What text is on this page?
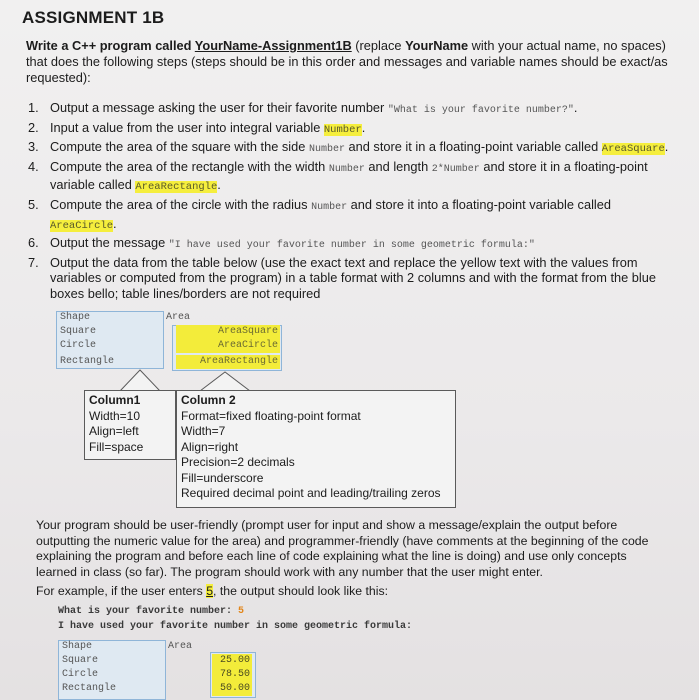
ASSIGNMENT 1B
Write a C++ program called YourName-Assignment1B (replace YourName with your actual name, no spaces) that does the following steps (steps should be in this order and messages and variable names should be exact/as requested):
1. Output a message asking the user for their favorite number "What is your favorite number?".
2. Input a value from the user into integral variable Number.
3. Compute the area of the square with the side Number and store it in a floating-point variable called AreaSquare.
4. Compute the area of the rectangle with the width Number and length 2*Number and store it in a floating-point variable called AreaRectangle.
5. Compute the area of the circle with the radius Number and store it into a floating-point variable called AreaCircle.
6. Output the message "I have used your favorite number in some geometric formula:"
7. Output the data from the table below (use the exact text and replace the yellow text with the values from variables or computed from the program) in a table format with 2 columns and with the format from the blue boxes bello; table lines/borders are not required
Shape	Area
Square
Circle
Rectangle
AreaSquare
AreaCircle
AreaRectangle
Column1
Width=10
Align=left
Fill=space
Column 2
Format=fixed floating-point format
Width=7
Align=right
Precision=2 decimals
Fill=underscore
Required decimal point and leading/trailing zeros
Your program should be user-friendly (prompt user for input and show a message/explain the output before outputting the numeric value for the area) and programmer-friendly (have comments at the beginning of the code explaining the program and before each line of code explaining what the line is doing) and use only concepts learned in class (so far). The program should work with any number that the user might enter.
For example, if the user enters 5, the output should look like this:
What is your favorite number: 5
I have used your favorite number in some geometric formula:
Shape	Area
Square
Circle
Rectangle
25.00
78.50
50.00
